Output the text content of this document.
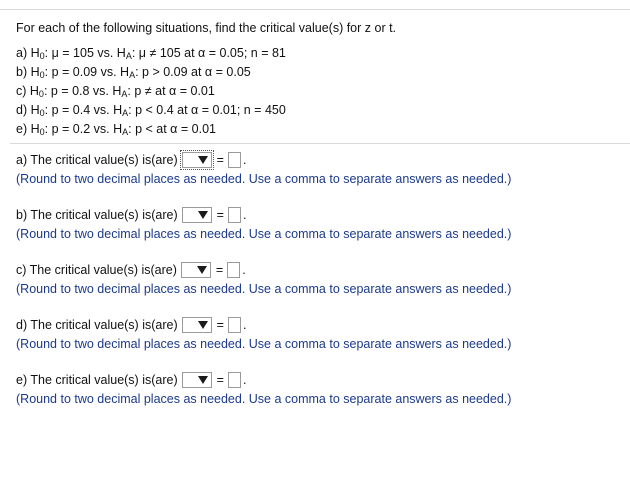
For each of the following situations, find the critical value(s) for z or t.
a) $H_0$: μ = 105 vs. $H_A$: μ ≠ 105 at α = 0.05; n = 81
b) $H_0$: p = 0.09 vs. $H_A$: p > 0.09 at α = 0.05
c) $H_0$: p = 0.8 vs. $H_A$: p ≠ at α = 0.01
d) $H_0$: p = 0.4 vs. $H_A$: p < 0.4 at α = 0.01; n = 450
e) $H_0$: p = 0.2 vs. $H_A$: p < at α = 0.01
a) The critical value(s) is(are)	= .
(Round to two decimal places as needed. Use a comma to separate answers as needed.)
b) The critical value(s) is(are)	= .
(Round to two decimal places as needed. Use a comma to separate answers as needed.)
c) The critical value(s) is(are)	= .
(Round to two decimal places as needed. Use a comma to separate answers as needed.)
d) The critical value(s) is(are)	= .
(Round to two decimal places as needed. Use a comma to separate answers as needed.)
e) The critical value(s) is(are)	= .
(Round to two decimal places as needed. Use a comma to separate answers as needed.)
